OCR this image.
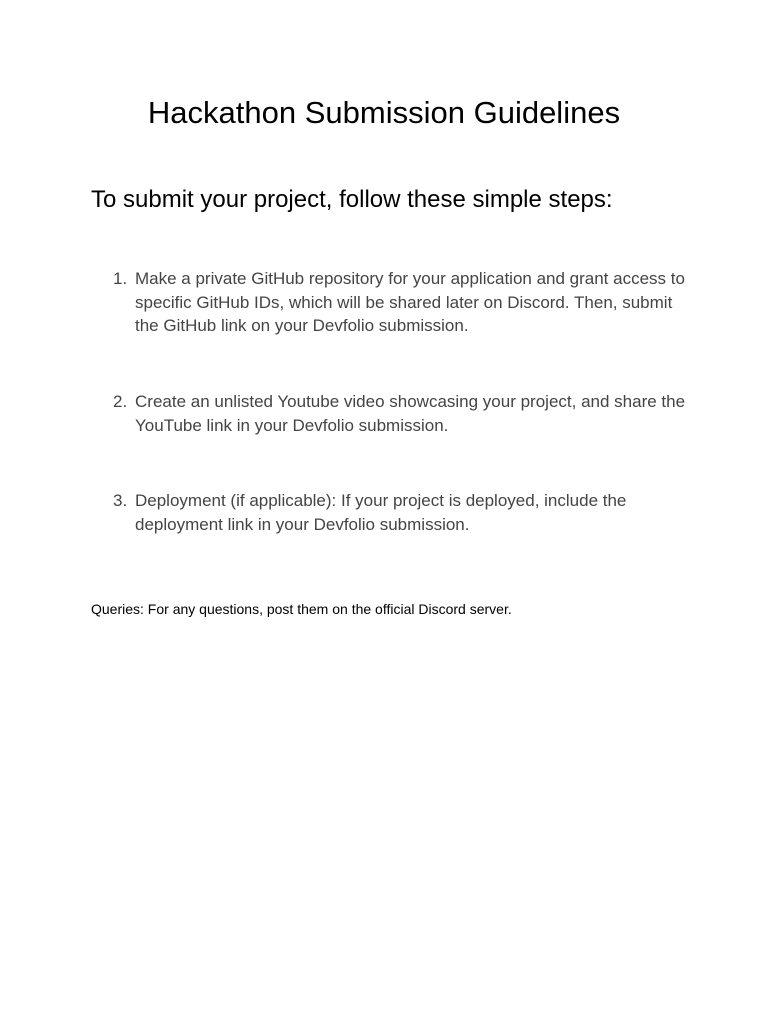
Hackathon Submission Guidelines
To submit your project, follow these simple steps:
1. Make a private GitHub repository for your application and grant access to specific GitHub IDs, which will be shared later on Discord. Then, submit the GitHub link on your Devfolio submission.
2. Create an unlisted Youtube video showcasing your project, and share the YouTube link in your Devfolio submission.
3. Deployment (if applicable): If your project is deployed, include the deployment link in your Devfolio submission.

Queries: For any questions, post them on the official Discord server.
